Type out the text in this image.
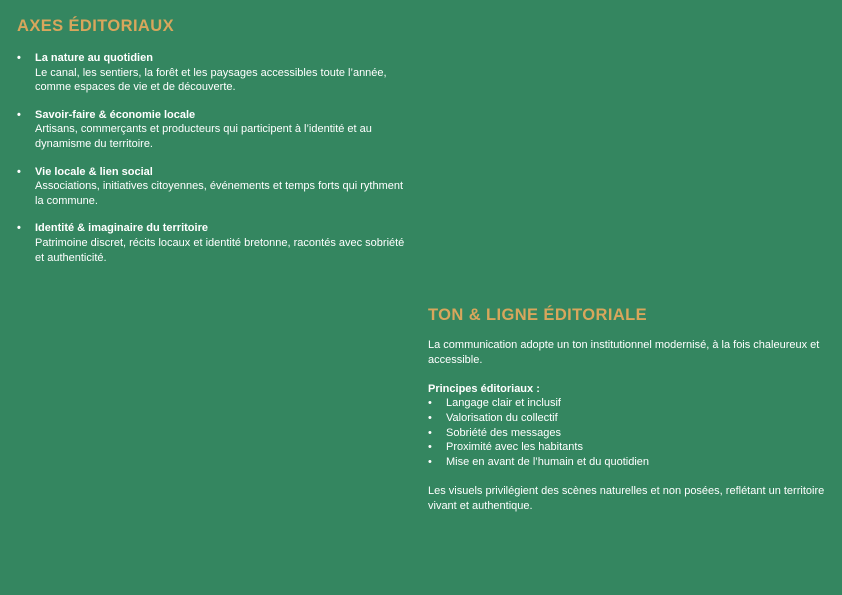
AXES ÉDITORIAUX
• La nature au quotidien
Le canal, les sentiers, la forêt et les paysages accessibles toute l’année, comme espaces de vie et de découverte.
• Savoir-faire & économie locale
Artisans, commerçants et producteurs qui participent à l’identité et au dynamisme du territoire.
• Vie locale & lien social
Associations, initiatives citoyennes, événements et temps forts qui rythment la commune.
• Identité & imaginaire du territoire
Patrimoine discret, récits locaux et identité bretonne, racontés avec sobriété et authenticité.
TON & LIGNE ÉDITORIALE

La communication adopte un ton institutionnel modernisé, à la fois chaleureux et accessible.

Principes éditoriaux :

• Langage clair et inclusif
• Valorisation du collectif
• Sobriété des messages
• Proximité avec les habitants
• Mise en avant de l’humain et du quotidien

Les visuels privilégient des scènes naturelles et non posées, reflétant un territoire vivant et authentique.
